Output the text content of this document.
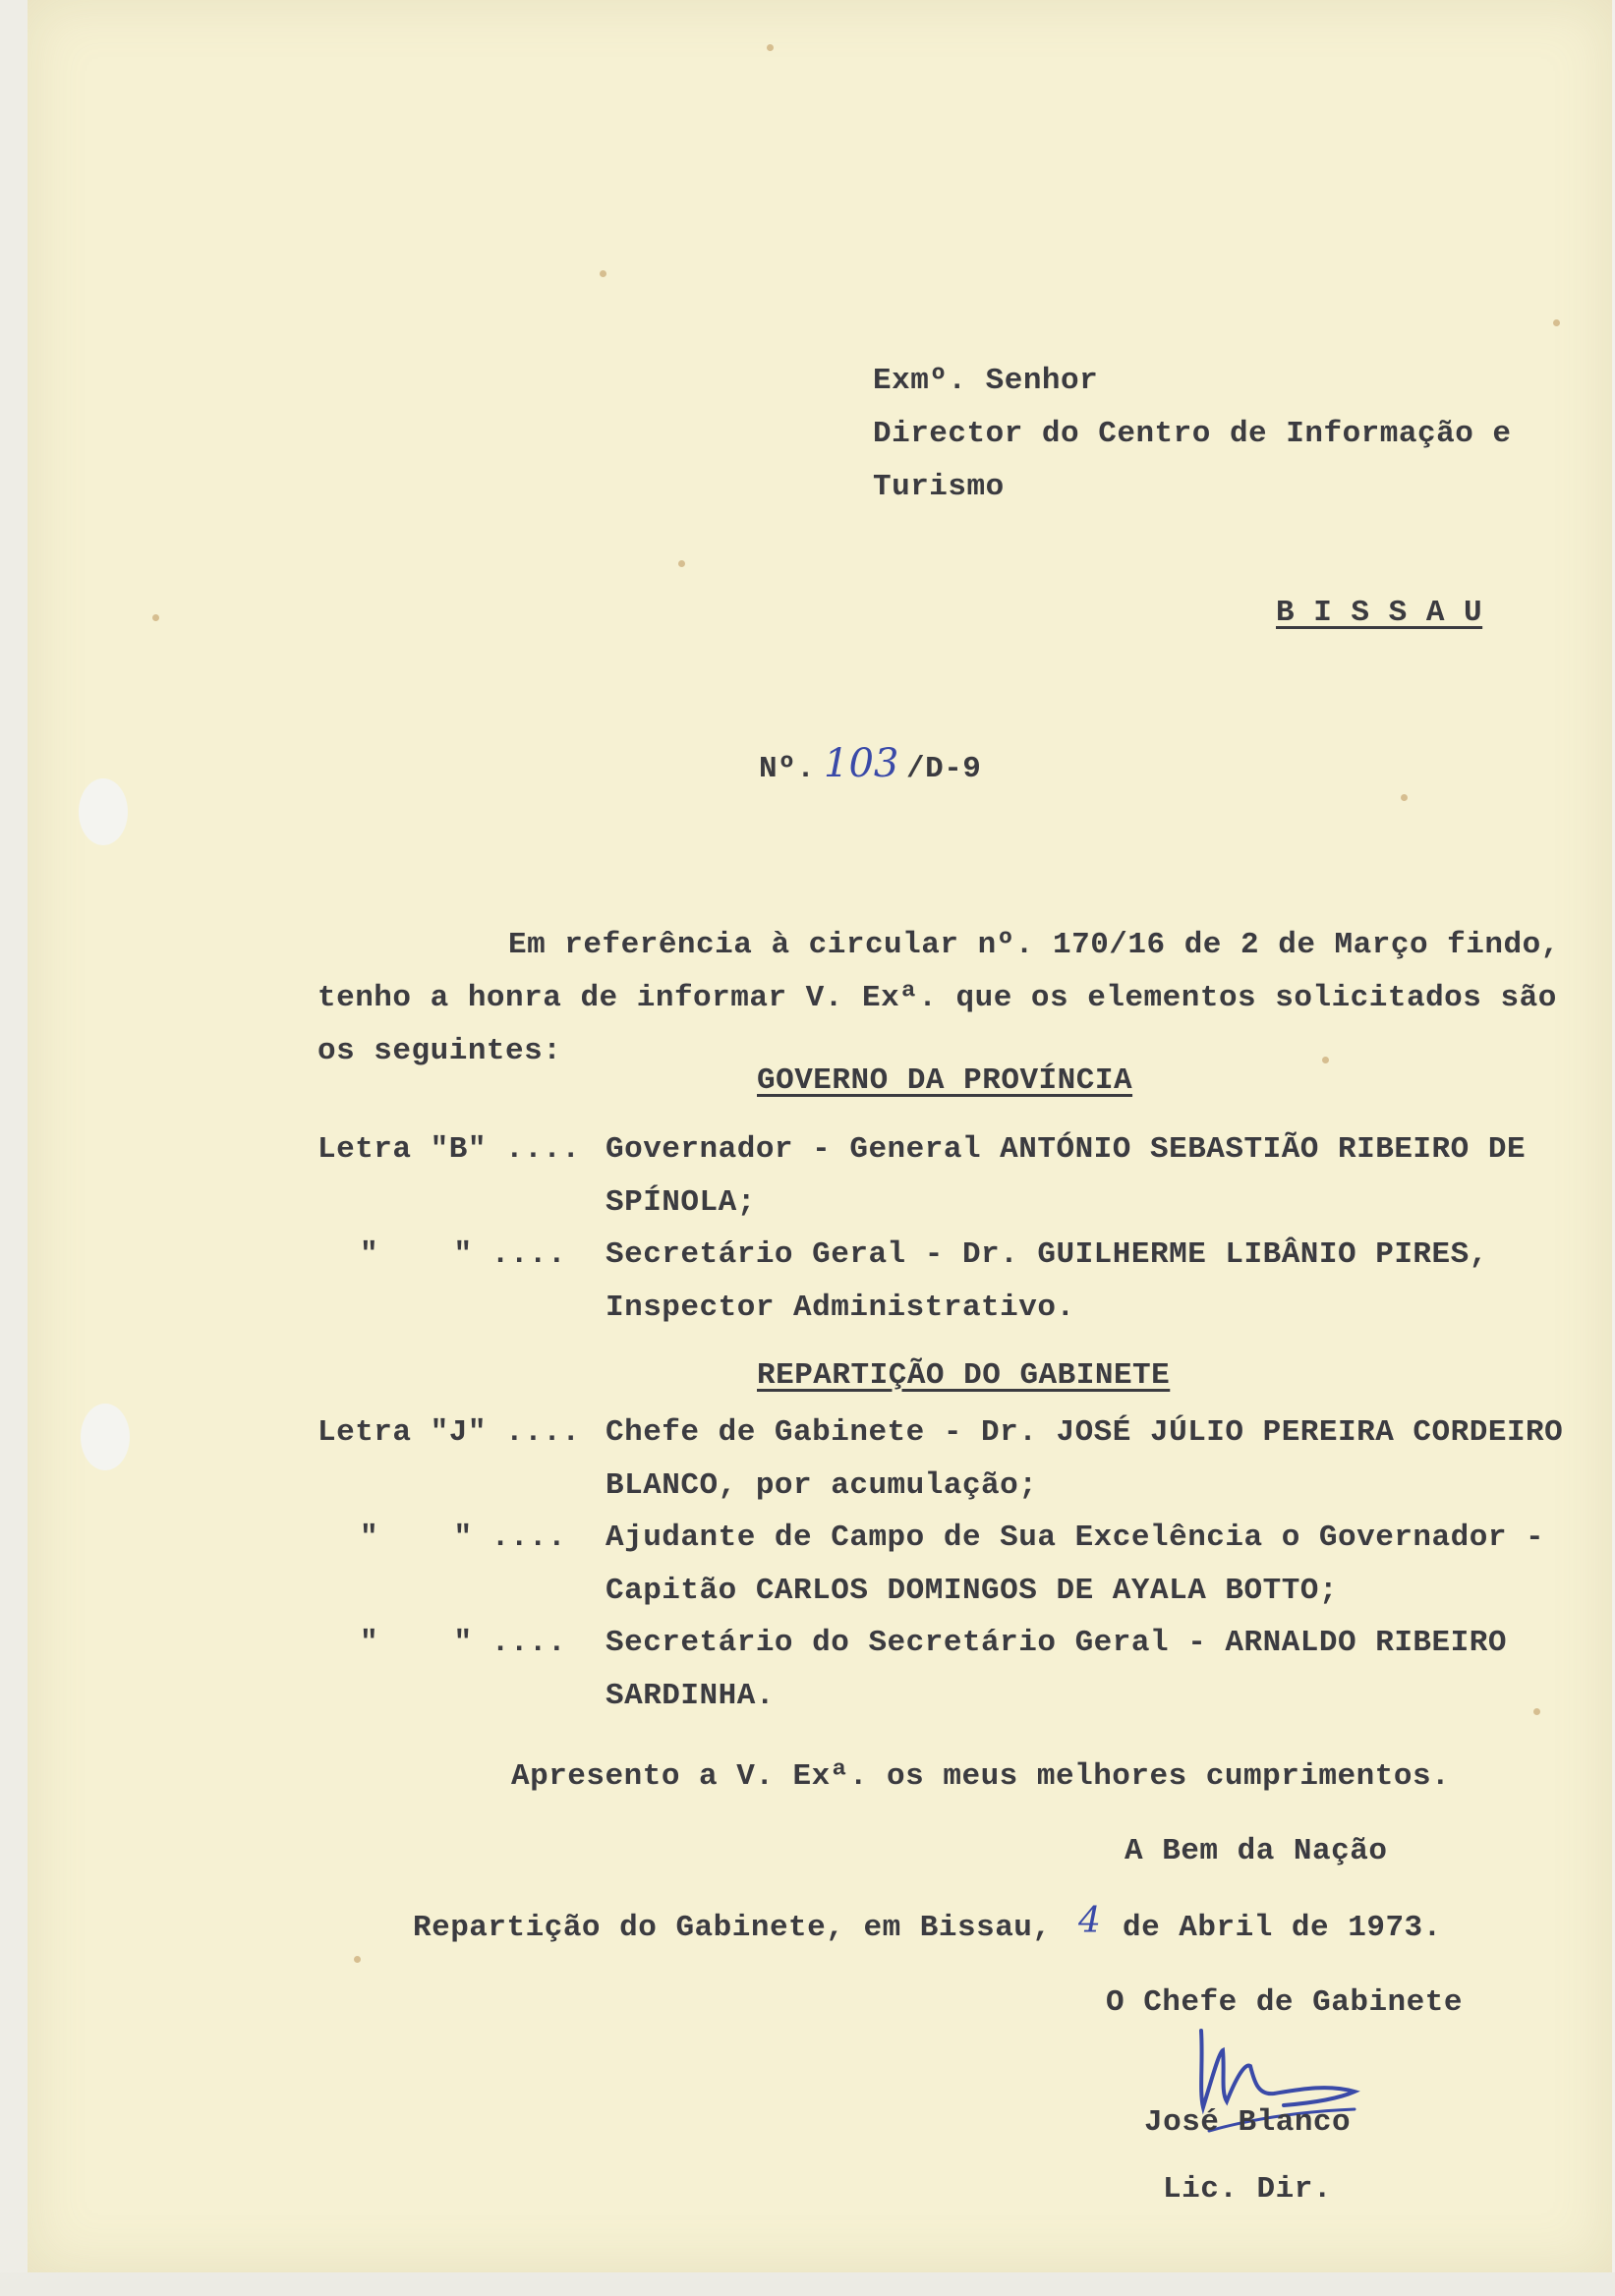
Exmº. Senhor
Director do Centro de Informação e
Turismo
B I S S A U
Nº. 103 /D-9
Em referência à circular nº. 170/16 de 2 de Março findo,
tenho a honra de informar V. Exª. que os elementos solicitados são
os seguintes:
GOVERNO DA PROVÍNCIA
Letra "B" .... Governador - General ANTÓNIO SEBASTIÃO RIBEIRO DE
SPÍNOLA;
"    " .... Secretário Geral - Dr. GUILHERME LIBÂNIO PIRES,
Inspector Administrativo.
REPARTIÇÃO DO GABINETE
Letra "J" .... Chefe de Gabinete - Dr. JOSÉ JÚLIO PEREIRA CORDEIRO
BLANCO, por acumulação;
"    " .... Ajudante de Campo de Sua Excelência o Governador -
Capitão CARLOS DOMINGOS DE AYALA BOTTO;
"    " .... Secretário do Secretário Geral - ARNALDO RIBEIRO
SARDINHA.
Apresento a V. Exª. os meus melhores cumprimentos.
A Bem da Nação
Repartição do Gabinete, em Bissau, 4 de Abril de 1973.
O Chefe de Gabinete
José Blanco
Lic. Dir.
